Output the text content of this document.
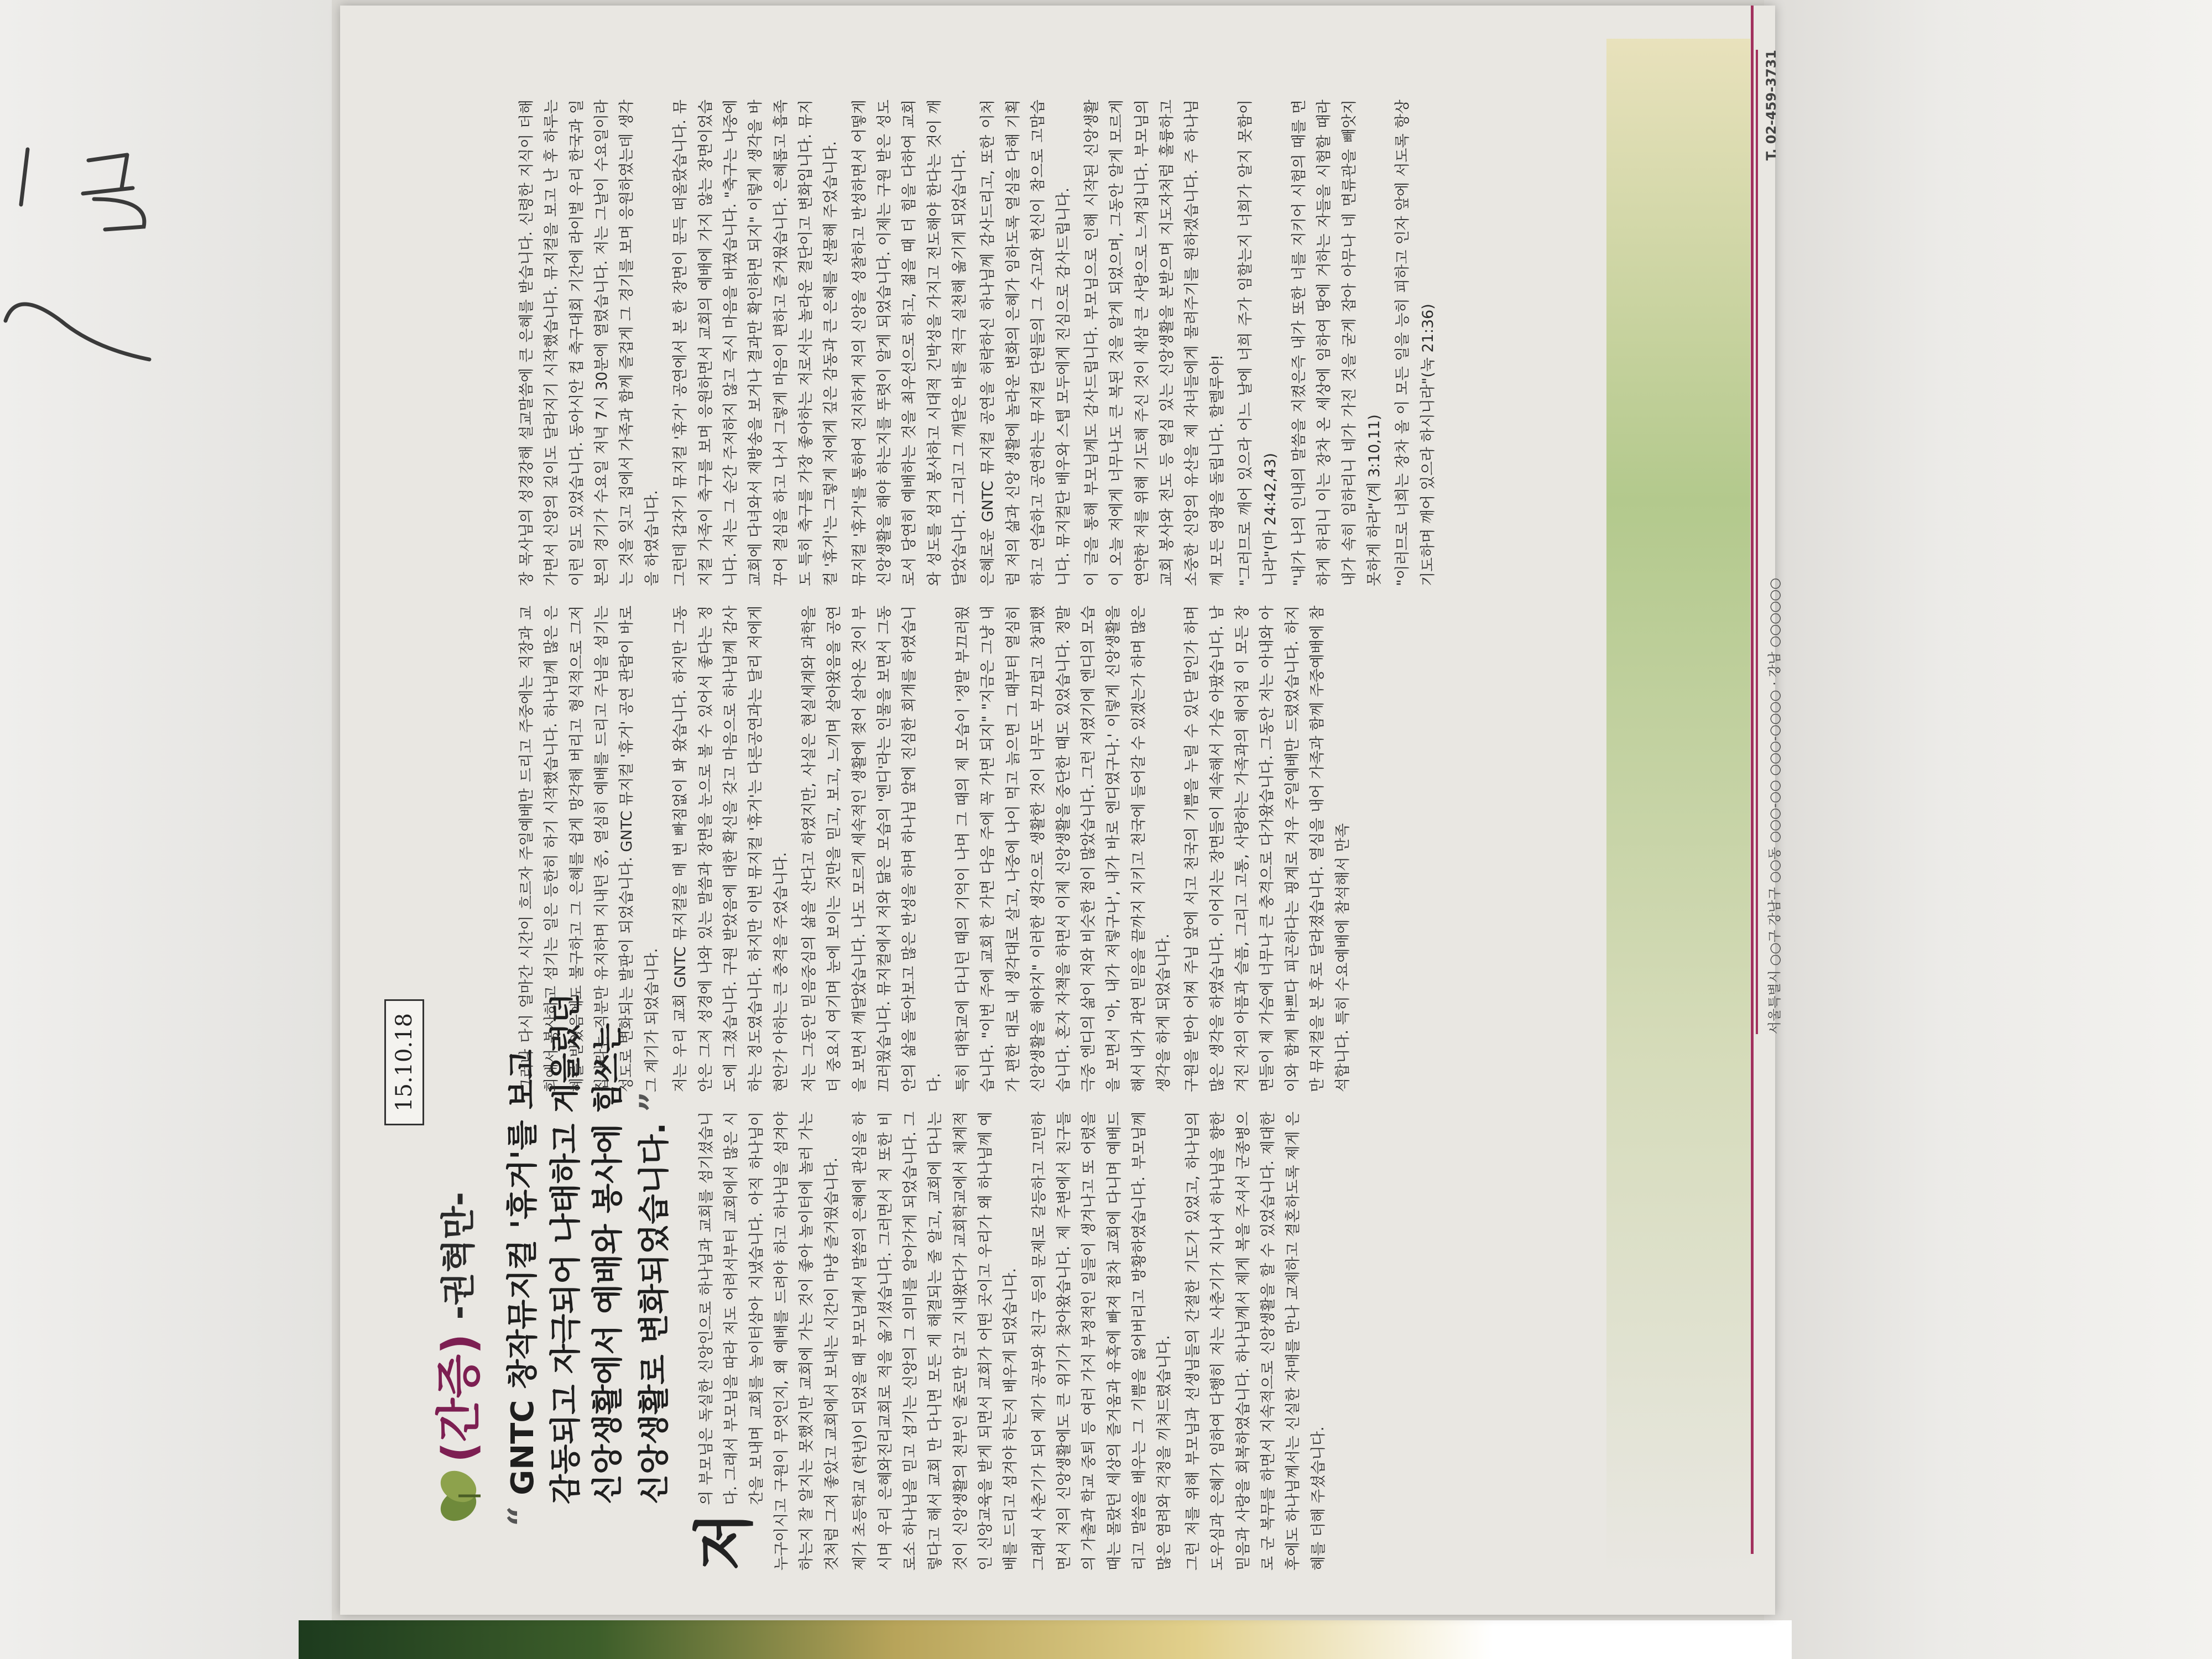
15.10.18
(간증) -권혁만-

“ GNTC 창작뮤지컬 '휴거'를 보고 감동되고 자극되어 나태하고 게을렀던 신앙생활에서 예배와 봉사에 힘쓰는 신앙생활로 변화되었습니다. ”

저
의 부모님은 독실한 신앙인으로 하나님과 교회를 섬기셨습니다. 그래서 부모님을 따라 저도 어려서부터 교회에서 많은 시간을 보내며 교회를 놀이터삼아 지냈습니다. 아직 하나님이 누구이시고 구원이 무엇인지, 왜 예배를 드려야 하고 하나님을 섬겨야 하는지 잘 알지는 못했지만 교회에 가는 것이 좋아 놀이터에 놀러 가는 것처럼 그저 좋았고 교회에서 보내는 시간이 마냥 즐거웠습니다. 제가 초등학교 (학년)이 되었을 때 부모님께서 말씀의 은혜에 관심을 하시며 우리 은혜와진리교회로 적을 옮기셨습니다. 그러면서 저 또한 비로소 하나님을 믿고 섬기는 신앙의 그 의미를 알아가게 되었습니다. 그렇다고 해서 교회 만 다니면 모든 게 해결되는 줄 알고, 교회에 다니는 것이 신앙생활의 전부인 줄로만 알고 지내왔다가 교회학교에서 체계적인 신앙교육을 받게 되면서 교회가 어떤 곳이고 우리가 왜 하나님께 예배를 드리고 섬겨야 하는지 배우게 되었습니다. 그래서 사춘기가 되어 제가 공부와 친구 등의 문제로 갈등하고 고민하면서 저의 신앙생활에도 큰 위기가 찾아왔습니다. 제 주변에서 친구들의 가출과 학교 중퇴 등 여러 가지 부정적인 일들이 생겨나고 또 어렸을 때는 몰랐던 세상의 즐거움과 유혹에 빠져 점차 교회에 다니며 예배드리고 말씀을 배우는 그 기쁨을 잃어버리고 방황하였습니다. 부모님께 많은 염려와 걱정을 끼쳐드렸습니다. 그런 저를 위해 부모님과 선생님들의 간절한 기도가 있었고, 하나님의 도우심과 은혜가 임하여 다행히 저는 사춘기가 지나서 하나님을 향한 믿음과 사랑을 회복하였습니다. 하나님께서 제게 복을 주셔서 군종병으로 군 복무를 하면서 지속적으로 신앙생활을 할 수 있었습니다. 제대한 후에도 하나님께서는 신실한 자매를 만나 교제하고 결혼하도록 제게 은혜를 더해 주셨습니다.

그러나 다시 얼마간 시간이 흐르자 주일예배만 드리고 주중에는 직장과 교회에서 봉사하고 섬기는 일은 등한히 하기 시작했습니다. 하나님께 많은 은혜를 받았음에도 불구하고 그 은혜를 쉽게 망각해 버리고 형식적으로 그저 집사라는 직분만 유지하며 지내던 중, 열심히 예배를 드리고 주님을 섬기는 성도로 변화되는 발판이 되었습니다. GNTC 뮤지컬 '휴거' 공연 관람이 바로 그 계기가 되었습니다. 저는 우리 교회 GNTC 뮤지컬을 매 번 빠짐없이 봐 왔습니다. 하지만 그동안은 그저 성경에 나와 있는 말씀과 장면을 눈으로 볼 수 있어서 좋다는 정도에 그쳤습니다. 구원 받았음에 대한 확신을 갖고 마음으로 하나님께 감사하는 정도였습니다. 하지만 이번 뮤지컬 '휴거'는 다른공연과는 달리 저에게 현안가 아하는 큰 충격을 주었습니다. 저는 그동안 믿음중심의 삶을 산다고 하였지만, 사실은 현실세계와 과학을 더 중요시 여기며 눈에 보이는 것만을 믿고, 보고, 느끼며 살아왔음을 공연을 보면서 깨달았습니다. 나도 모르게 세속적인 생활에 젖어 살아온 것이 부끄러웠습니다. 뮤지컬에서 저와 닮은 모습의 '엔디'라는 인물을 보면서 그동안의 삶을 돌아보고 많은 반성을 하며 하나님 앞에 진심한 회개를 하였습니다. 특히 대학교에 다니던 때의 기억이 나며 그 때의 제 모습이 '정말 부끄러웠습니다. "이번 주에 교회 한 가면 다음 주에 꼭 가면 되지" "지금은 그냥 내가 편한 대로 내 생각대로 살고, 나중에 나이 먹고 늙으면 그 때부터 열심히 신앙생활을 해야지" 이러한 생각으로 생활한 것이 너무도 부끄럽고 창피했습니다. 혼자 자책을 하면서 이제 신앙생활을 중단한 때도 있었습니다. 정말 극중 엔디의 삶이 저와 비슷한 점이 많았습니다. 그런 저였기에 엔디의 모습을 보면서 '아, 내가 저렇구나', 내가 바로 엔디였구나.' 이렇게 신앙생활을 해서 내가 과연 믿음을 끝까지 지키고 천국에 들어갈 수 있겠는가 하며 많은 생각을 하게 되었습니다. 구원을 받아 어찌 주님 앞에 서고 천국의 기쁨을 누릴 수 있단 말인가 하며 많은 생각을 하였습니다. 이어지는 장면들이 계속해서 가슴 아팠습니다. 남겨진 자의 아픔과 슬픔, 그리고 고통, 사랑하는 가족과의 헤어짐 이 모든 장면들이 제 가슴에 너무나 큰 충격으로 다가왔습니다. 그동안 저는 아내와 아이와 함께 바쁘다 피곤하다는 핑계로 겨우 주일예배만 드렸었습니다. 하지만 뮤지컬을 본 후로 달라졌습니다. 열심을 내어 가족과 함께 주중예배에 참석합니다. 특히 수요예배에 참석해서 만족

장 목사님의 성경강해 설교말씀에 큰 은혜를 받습니다. 신령한 지식이 더해가면서 신앙의 깊이도 달라지기 시작했습니다. 뮤지컬을 보고 난 후 하루는 이런 일도 있었습니다. 동아시안 컵 축구대회 기간에 라이벌 우리 한국과 일본의 경기가 수요일 저녁 7시 30분에 열렸습니다. 저는 그날이 수요일이라는 것을 잊고 집에서 가족과 함께 즐겁게 그 경기를 보며 응원하였는데 생각을 하였습니다. 그런데 갑자기 뮤지컬 '휴거' 공연에서 본 한 장면이 문득 떠올랐습니다. 뮤지컬 가족이 축구를 보며 응원하면서 교회의 예배에 가지 않는 장면이었습니다. 저는 그 순간 주저하지 않고 즉시 마음을 바꿨습니다. "축구는 나중에 교회에 다녀와서 재방송을 보거나 결과만 확인하면 되지" 이렇게 생각을 바꾸어 결심을 하고 나서 그렇게 마음이 편하고 즐거웠습니다. 은혜롭고 흡족 도 특히 축구를 가장 좋아하는 저로서는 놀라운 결단이고 변화입니다. 뮤지컬 '휴거'는 그렇게 저에게 깊은 감동과 큰 은혜를 선물해 주었습니다. 뮤지컬 '휴거'를 통하여 진지하게 저의 신앙을 성찰하고 반성하면서 어떻게 신앙생활을 해야 하는지를 뚜렷이 알게 되었습니다. 이제는 구원 받은 성도로서 당연히 예배하는 것을 최우선으로 하고, 젊을 때 더 힘을 다하여 교회와 성도를 섬겨 봉사하고 시대적 긴박성을 가지고 전도해야 한다는 것이 깨달았습니다. 그리고 그 깨달은 바를 적극 실천해 옮기게 되었습니다. 은혜로운 GNTC 뮤지컬 공연을 허락하신 하나님께 감사드리고, 또한 이처럼 저의 삶과 신앙 생활에 놀라운 변화의 은혜가 임하도록 열심을 다해 기획하고 연습하고 공연하는 뮤지컬 단원들의 그 수고와 헌신이 참으로 고맙습니다. 뮤지컬단 배우와 스텝 모두에게 진심으로 감사드립니다. 이 글을 통해 부모님께도 감사드립니다. 부모님으로 인해 시작된 신앙생활이 오늘 저에게 너무나도 큰 복된 것을 알게 되었으며, 그동안 알게 모르게 연약한 저를 위해 기도해 주신 것이 새삼 큰 사랑으로 느껴집니다. 부모님의 교회 봉사와 전도 등 열심 있는 신앙생활을 본받으며 지도자처럼 훌륭하고 소중한 신앙의 유산을 제 자녀들에게 물려주기를 원하겠습니다. 주 하나님께 모든 영광을 돌립니다. 할렐루야! "그러므로 깨어 있으라 어느 날에 너희 주가 임할는지 너희가 알지 못함이니라"(마 24:42,43) "내가 나의 인내의 말씀을 지켰은즉 내가 또한 너를 지키어 시험의 때를 면하게 하리니 이는 장차 온 세상에 임하여 땅에 거하는 자들을 시험할 때라 내가 속히 임하리니 네가 가진 것을 굳게 잡아 아무나 네 면류관을 빼앗지 못하게 하라"(계 3:10,11) "이러므로 너희는 장차 올 이 모든 일을 능히 피하고 인자 앞에 서도록 항상 기도하며 깨어 있으라 하시니라"(눅 21:36)

서울특별시 ○○구 강남구 ○○동 ○○○-○○ ○○○-○○○○ · 강남 ○○○○○○
T. 02-459-3731
